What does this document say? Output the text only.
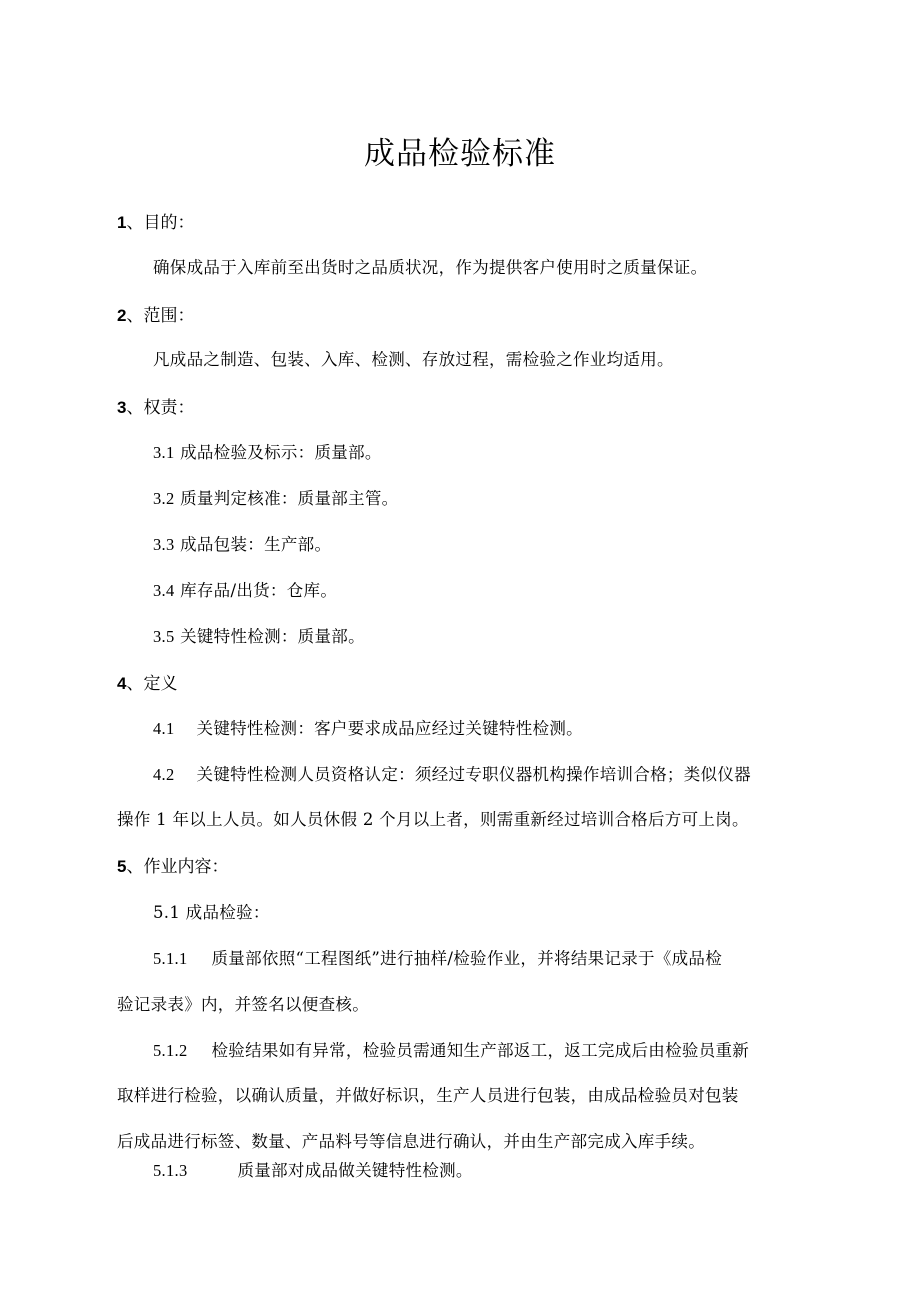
成品检验标准
1、目的：
确保成品于入库前至出货时之品质状况，作为提供客户使用时之质量保证。
2、范围：
凡成品之制造、包装、入库、检测、存放过程，需检验之作业均适用。
3、权责：
3.1 成品检验及标示：质量部。
3.2 质量判定核准：质量部主管。
3.3 成品包装：生产部。
3.4 库存品/出货：仓库。
3.5 关键特性检测：质量部。
4、定义
4.1 关键特性检测：客户要求成品应经过关键特性检测。
4.2 关键特性检测人员资格认定：须经过专职仪器机构操作培训合格；类似仪器
操作 1 年以上人员。如人员休假 2 个月以上者，则需重新经过培训合格后方可上岗。
5、作业内容：
5.1 成品检验：
5.1.1 质量部依照“工程图纸”进行抽样/检验作业，并将结果记录于《成品检
验记录表》内，并签名以便查核。
5.1.2 检验结果如有异常，检验员需通知生产部返工，返工完成后由检验员重新
取样进行检验，以确认质量，并做好标识，生产人员进行包装，由成品检验员对包装
后成品进行标签、数量、产品料号等信息进行确认，并由生产部完成入库手续。
5.1.3	质量部对成品做关键特性检测。
